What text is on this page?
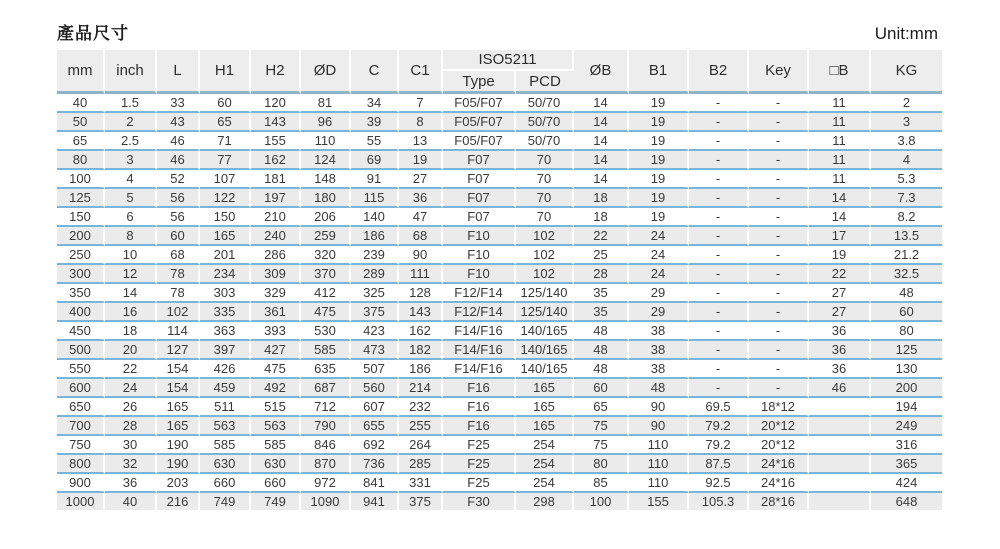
產品尺寸	Unit:mm
mm	inch	L	H1	H2	ØD	C	C1	ISO5211		ØB	B1	B2	Key	□B	KG
								Type	PCD						
40	1.5	33	60	120	81	34	7	F05/F07	50/70	14	19	-	-	11	2
50	2	43	65	143	96	39	8	F05/F07	50/70	14	19	-	-	11	3
65	2.5	46	71	155	110	55	13	F05/F07	50/70	14	19	-	-	11	3.8
80	3	46	77	162	124	69	19	F07	70	14	19	-	-	11	4
100	4	52	107	181	148	91	27	F07	70	14	19	-	-	11	5.3
125	5	56	122	197	180	115	36	F07	70	18	19	-	-	14	7.3
150	6	56	150	210	206	140	47	F07	70	18	19	-	-	14	8.2
200	8	60	165	240	259	186	68	F10	102	22	24	-	-	17	13.5
250	10	68	201	286	320	239	90	F10	102	25	24	-	-	19	21.2
300	12	78	234	309	370	289	111	F10	102	28	24	-	-	22	32.5
350	14	78	303	329	412	325	128	F12/F14	125/140	35	29	-	-	27	48
400	16	102	335	361	475	375	143	F12/F14	125/140	35	29	-	-	27	60
450	18	114	363	393	530	423	162	F14/F16	140/165	48	38	-	-	36	80
500	20	127	397	427	585	473	182	F14/F16	140/165	48	38	-	-	36	125
550	22	154	426	475	635	507	186	F14/F16	140/165	48	38	-	-	36	130
600	24	154	459	492	687	560	214	F16	165	60	48	-	-	46	200
650	26	165	511	515	712	607	232	F16	165	65	90	69.5	18*12		194
700	28	165	563	563	790	655	255	F16	165	75	90	79.2	20*12		249
750	30	190	585	585	846	692	264	F25	254	75	110	79.2	20*12		316
800	32	190	630	630	870	736	285	F25	254	80	110	87.5	24*16		365
900	36	203	660	660	972	841	331	F25	254	85	110	92.5	24*16		424
1000	40	216	749	749	1090	941	375	F30	298	100	155	105.3	28*16		648
